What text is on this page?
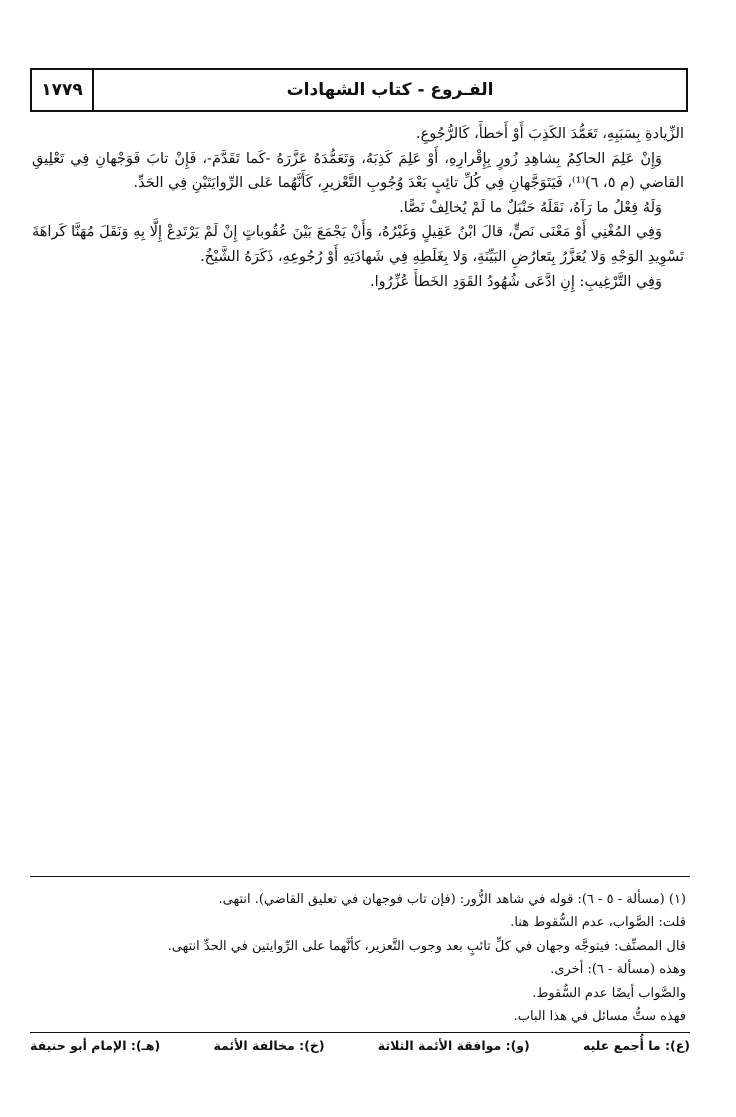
١٧٧٩	الفـروع - كتاب الشهادات

الزِّيادةِ بِسَبَبِهِ، تَعَمُّدَ الكَذِبَ أَوْ أَخطأَ، كَالرُّجُوعِ.

وَإِنْ عَلِمَ الحاكِمُ بِشاهِدِ زُورٍ بِإِقْرارِهِ، أَوْ عَلِمَ كَذِبَهُ، وَتَعَمُّدَهُ عَزَّرَهُ -كَما تَقَدَّمَ-، فَإِنْ تابَ فَوَجْهانِ فِي تَعْلِيقِ القاضي (م ٥، ٦)⁽¹⁾، فَيَتَوَجَّهانِ فِي كُلِّ تائِبٍ بَعْدَ وُجُوبِ التَّعْزيرِ، كَأَنَّهُما عَلى الرِّوايَتَيْنِ فِي الحَدِّ.

وَلَهُ فِعْلُ ما رَآهُ، نَقَلَهُ حَنْبَلٌ ما لَمْ يُخالِفْ نَصًّا.

وَفِي المُغْنِي أَوْ مَعْنَى نَصٍّ، قالَ ابْنُ عَقِيلٍ وَغَيْرُهُ، وَأَنْ يَجْمَعَ بَيْنَ عُقُوباتٍ إِنْ لَمْ يَرْتَدِعْ إِلَّا بِهِ وَنَقَلَ مُهَنَّا كَراهَةَ تَسْوِيدِ الوَجْهِ وَلا يُعَزَّرُ بِتَعارُضِ البَيِّنَةِ، وَلا بِغَلَطِهِ فِي شَهادَتِهِ أَوْ رُجُوعِهِ، ذَكَرَهُ الشَّيْخُ.

وَفِي التَّرْغِيبِ: إِنِ ادَّعَى شُهُودُ القَوَدِ الخَطأَ عُزِّرُوا.

(١) (مسألة - ٥ - ٦): قوله في شاهد الزُّور: (فإن تاب فوجهان في تعليق القاضي). انتهى.

قلت: الصَّواب، عدم السُّقوط هنا.

قال المصنِّف: فيتوجَّه وجهان في كلِّ تائبٍ بعد وجوب التَّعزير، كأنَّهما على الرِّوايتين في الحدِّ انتهى.

وهذه (مسألة - ٦): أخرى.

والصَّواب أيضًا عدم السُّقوط.

فهذه ستُّ مسائل في هذا الباب.

(هـ): الإمام أبو حنيفة	(خ): مخالفة الأئمة	(و): موافقة الأئمة الثلاثة	(ع): ما أُجمع عليه
